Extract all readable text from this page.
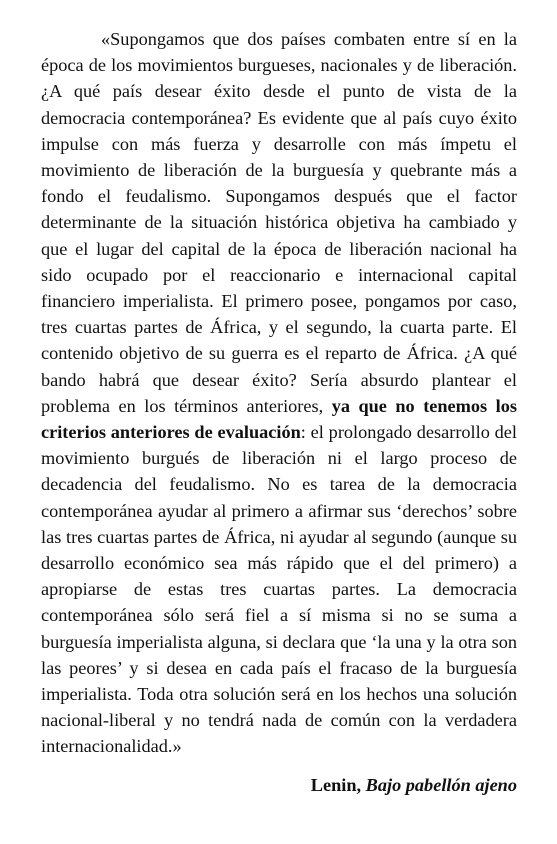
«Supongamos que dos países combaten entre sí en la época de los movimientos burgueses, nacionales y de liberación. ¿A qué país desear éxito desde el punto de vista de la democracia contemporánea? Es evidente que al país cuyo éxito impulse con más fuerza y desarrolle con más ímpetu el movimiento de liberación de la burguesía y quebrante más a fondo el feudalismo. Supongamos después que el factor determinante de la situación histórica objetiva ha cambiado y que el lugar del capital de la época de liberación nacional ha sido ocupado por el reaccionario e internacional capital financiero imperialista. El primero posee, pongamos por caso, tres cuartas partes de África, y el segundo, la cuarta parte. El contenido objetivo de su guerra es el reparto de África. ¿A qué bando habrá que desear éxito? Sería absurdo plantear el problema en los términos anteriores, ya que no tenemos los criterios anteriores de evaluación: el prolongado desarrollo del movimiento burgués de liberación ni el largo proceso de decadencia del feudalismo. No es tarea de la democracia contemporánea ayudar al primero a afirmar sus ‘derechos’ sobre las tres cuartas partes de África, ni ayudar al segundo (aunque su desarrollo económico sea más rápido que el del primero) a apropiarse de estas tres cuartas partes. La democracia contemporánea sólo será fiel a sí misma si no se suma a burguesía imperialista alguna, si declara que ‘la una y la otra son las peores’ y si desea en cada país el fracaso de la burguesía imperialista. Toda otra solución será en los hechos una solución nacional-liberal y no tendrá nada de común con la verdadera internacionalidad.»

Lenin, Bajo pabellón ajeno
